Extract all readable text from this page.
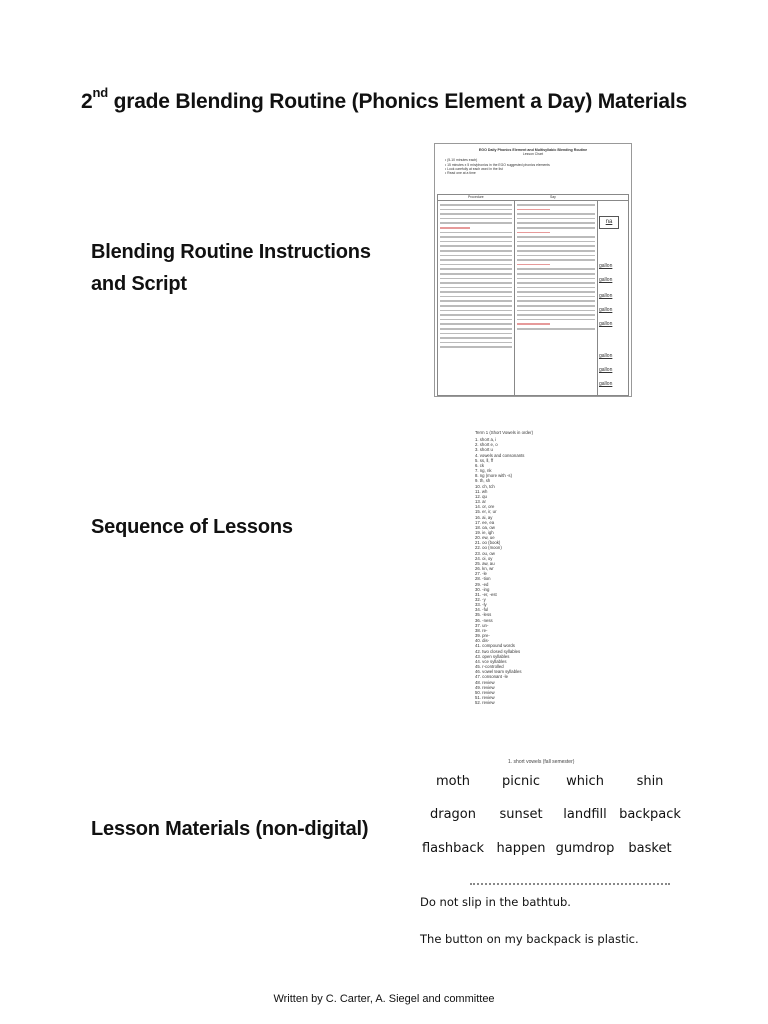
2nd grade Blending Routine (Phonics Element a Day) Materials
Blending Routine Instructions
and Script
Sequence of Lessons
Lesson Materials (non-digital)
EGO Daily Phonics Element and Multisyllabic Blending Routine
Lesson Chart
• (5-10 minutes each)
• 15 minutes x 5 min/phonics in the EGO suggested phonics elements
• Look carefully at each word in the list
• Read one at a time
Procedure	Say
na
gallon
gallon
gallon
gallon
gallon
gallon
gallon
gallon
Term 1 (Short Vowels in order)
1. short a, i
2. short e, o
3. short u
4. vowels and consonants
5. ss, ll, ff
6. ck
7. ng, nk
8. ng (more with -s)
9. th, sh
10. ch, tch
11. wh
12. qu
13. ar
14. or, ore
15. er, ir, ur
16. ai, ay
17. ee, ea
18. oa, ow
19. ie, igh
20. ew, ue
21. oo (book)
22. oo (moon)
23. ou, ow
24. oi, oy
25. aw, au
26. kn, wr
27. -le
28. -tion
29. -ed
30. -ing
31. -er, -est
32. -y
33. -ly
34. -ful
35. -less
36. -ness
37. un-
38. re-
39. pre-
40. dis-
41. compound words
42. two closed syllables
43. open syllables
44. vce syllables
45. r-controlled
46. vowel team syllables
47. consonant -le
48. review
49. review
50. review
51. review
52. review
1. short vowels (fall semester)
moth	picnic	which	shin
dragon	sunset	landfill backpack
flashback happen gumdrop	basket
Do not slip in the bathtub.
The button on my backpack is plastic.
Written by C. Carter, A. Siegel and committee
